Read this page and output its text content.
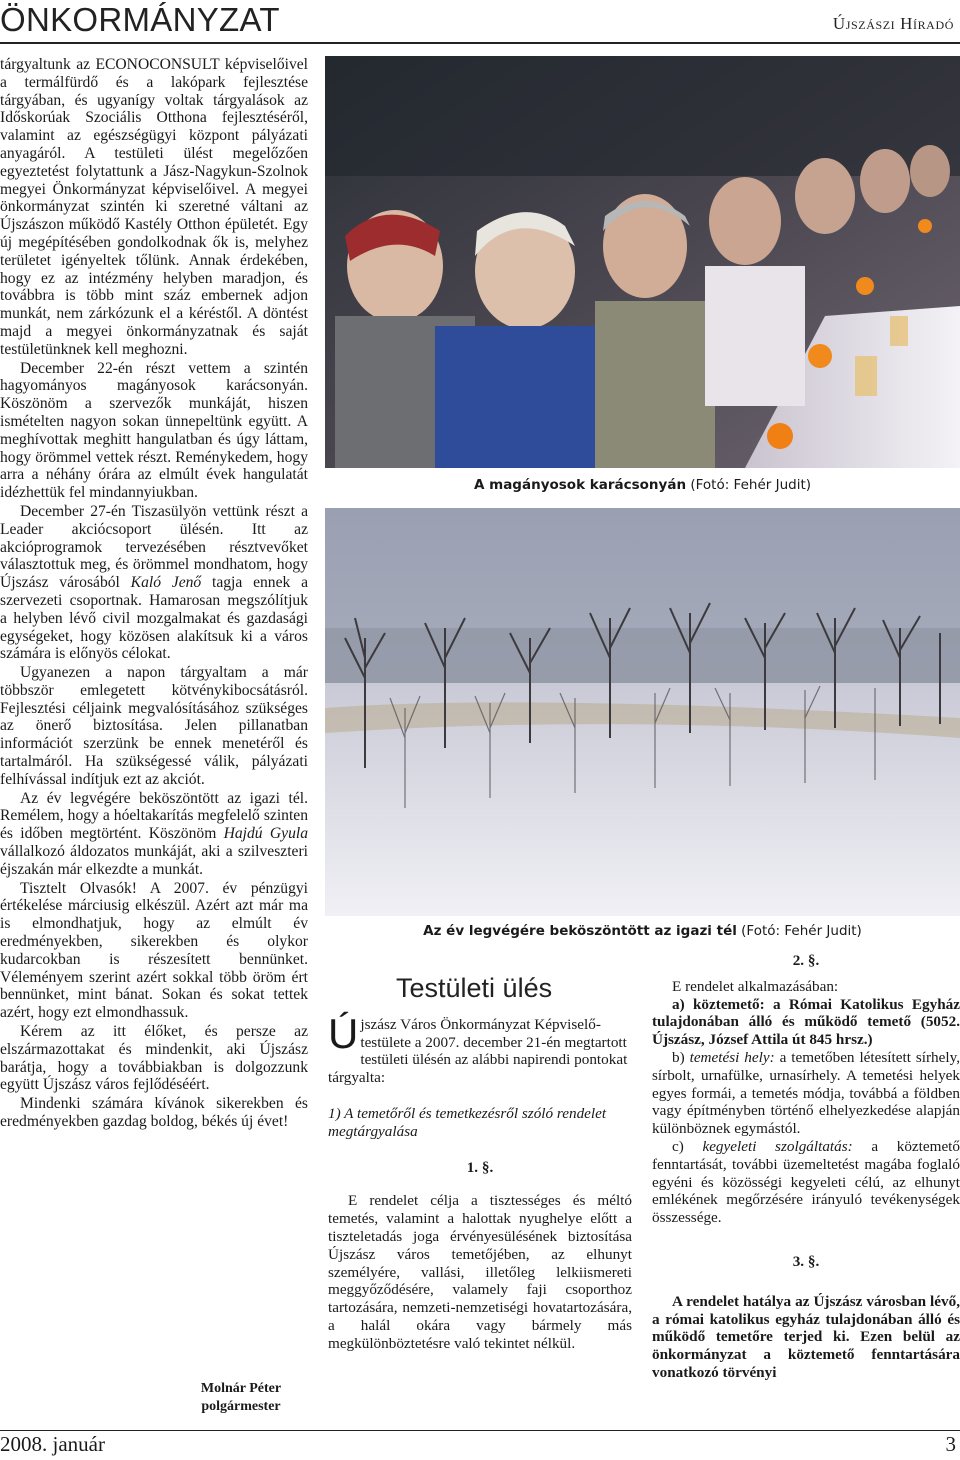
ÖNKORMÁNYZAT	Újszászi Híradó

tárgyaltunk az ECONOCONSULT képviselőivel a termálfürdő és a lakópark fejlesztése tárgyában, és ugyanígy voltak tárgyalások az Időskorúak Szociális Otthona fejlesztéséről, valamint az egészségügyi központ pályázati anyagáról. A testületi ülést megelőzően egyeztetést folytattunk a Jász-Nagykun-Szolnok megyei Önkormányzat képviselőivel. A megyei önkormányzat szintén ki szeretné váltani az Újszászon működő Kastély Otthon épületét. Egy új megépítésében gondolkodnak ők is, melyhez területet igényeltek tőlünk. Annak érdekében, hogy ez az intézmény helyben maradjon, és továbbra is több mint száz embernek adjon munkát, nem zárkózunk el a kéréstől. A döntést majd a megyei önkormányzatnak és saját testületünknek kell meghozni.

December 22-én részt vettem a szintén hagyományos magányosok karácsonyán. Köszönöm a szervezők munkáját, hiszen ismételten nagyon sokan ünnepeltünk együtt. A meghívottak meghitt hangulatban és úgy láttam, hogy örömmel vettek részt. Reménykedem, hogy arra a néhány órára az elmúlt évek hangulatát idézhettük fel mindannyiukban.

December 27-én Tiszasülyön vettünk részt a Leader akciócsoport ülésén. Itt az akcióprogramok tervezésében résztvevőket választottuk meg, és örömmel mondhatom, hogy Újszász városából Kaló Jenő tagja ennek a szervezeti csoportnak. Hamarosan megszólítjuk a helyben lévő civil mozgalmakat és gazdasági egységeket, hogy közösen alakítsuk ki a város számára is előnyös célokat.

Ugyanezen a napon tárgyaltam a már többször emlegetett kötvénykibocsátásról. Fejlesztési céljaink megvalósításához szükséges az önerő biztosítása. Jelen pillanatban információt szerzünk be ennek menetéről és tartalmáról. Ha szükségessé válik, pályázati felhívással indítjuk ezt az akciót.

Az év legvégére beköszöntött az igazi tél. Remélem, hogy a hóeltakarítás megfelelő szinten és időben megtörtént. Köszönöm Hajdú Gyula vállalkozó áldozatos munkáját, aki a szilveszteri éjszakán már elkezdte a munkát.

Tisztelt Olvasók! A 2007. év pénzügyi értékelése márciusig elkészül. Azért azt már ma is elmondhatjuk, hogy az elmúlt év eredményekben, sikerekben és olykor kudarcokban is részesített bennünket. Véleményem szerint azért sokkal több öröm ért bennünket, mint bánat. Sokan és sokat tettek azért, hogy ezt elmondhassuk.

Kérem az itt élőket, és persze az elszármazottakat és mindenkit, aki Újszász barátja, hogy a továbbiakban is dolgozzunk együtt Újszász város fejlődéséért.

Mindenki számára kívánok sikerekben és eredményekben gazdag boldog, békés új évet!

Molnár Péter
polgármester
A magányosok karácsonyán (Fotó: Fehér Judit)
Az év legvégére beköszöntött az igazi tél (Fotó: Fehér Judit)
Testületi ülés

Újszász Város Önkormányzat Képviselő-testülete a 2007. december 21-én megtartott testületi ülésén az alábbi napirendi pontokat tárgyalta:

1) A temetőről és temetkezésről szóló rendelet megtárgyalása

1. §.

E rendelet célja a tisztességes és méltó temetés, valamint a halottak nyughelye előtt a tiszteletadás joga érvényesülésének biztosítása Újszász város temetőjében, az elhunyt személyére, vallási, illetőleg lelkiismereti meggyőződésére, valamely faji csoporthoz tartozására, nemzeti-nemzetiségi hovatartozására, a halál okára vagy bármely más megkülönböztetésre való tekintet nélkül.

2. §.

E rendelet alkalmazásában:

a) köztemető: a Római Katolikus Egyház tulajdonában álló és működő temető (5052. Újszász, József Attila út 845 hrsz.)

b) temetési hely: a temetőben létesített sírhely, sírbolt, urnafülke, urnasírhely. A temetési helyek egyes formái, a temetés módja, továbbá a földben vagy építményben történő elhelyezkedése alapján különböznek egymástól.

c) kegyeleti szolgáltatás: a köztemető fenntartását, további üzemeltetést magába foglaló egyéni és közösségi kegyeleti célú, az elhunyt emlékének megőrzésére irányuló tevékenységek összessége.

3. §.

A rendelet hatálya az Újszász városban lévő, a római katolikus egyház tulajdonában álló és működő temetőre terjed ki. Ezen belül az önkormányzat a köztemető fenntartására vonatkozó törvényi

2008. január	3
